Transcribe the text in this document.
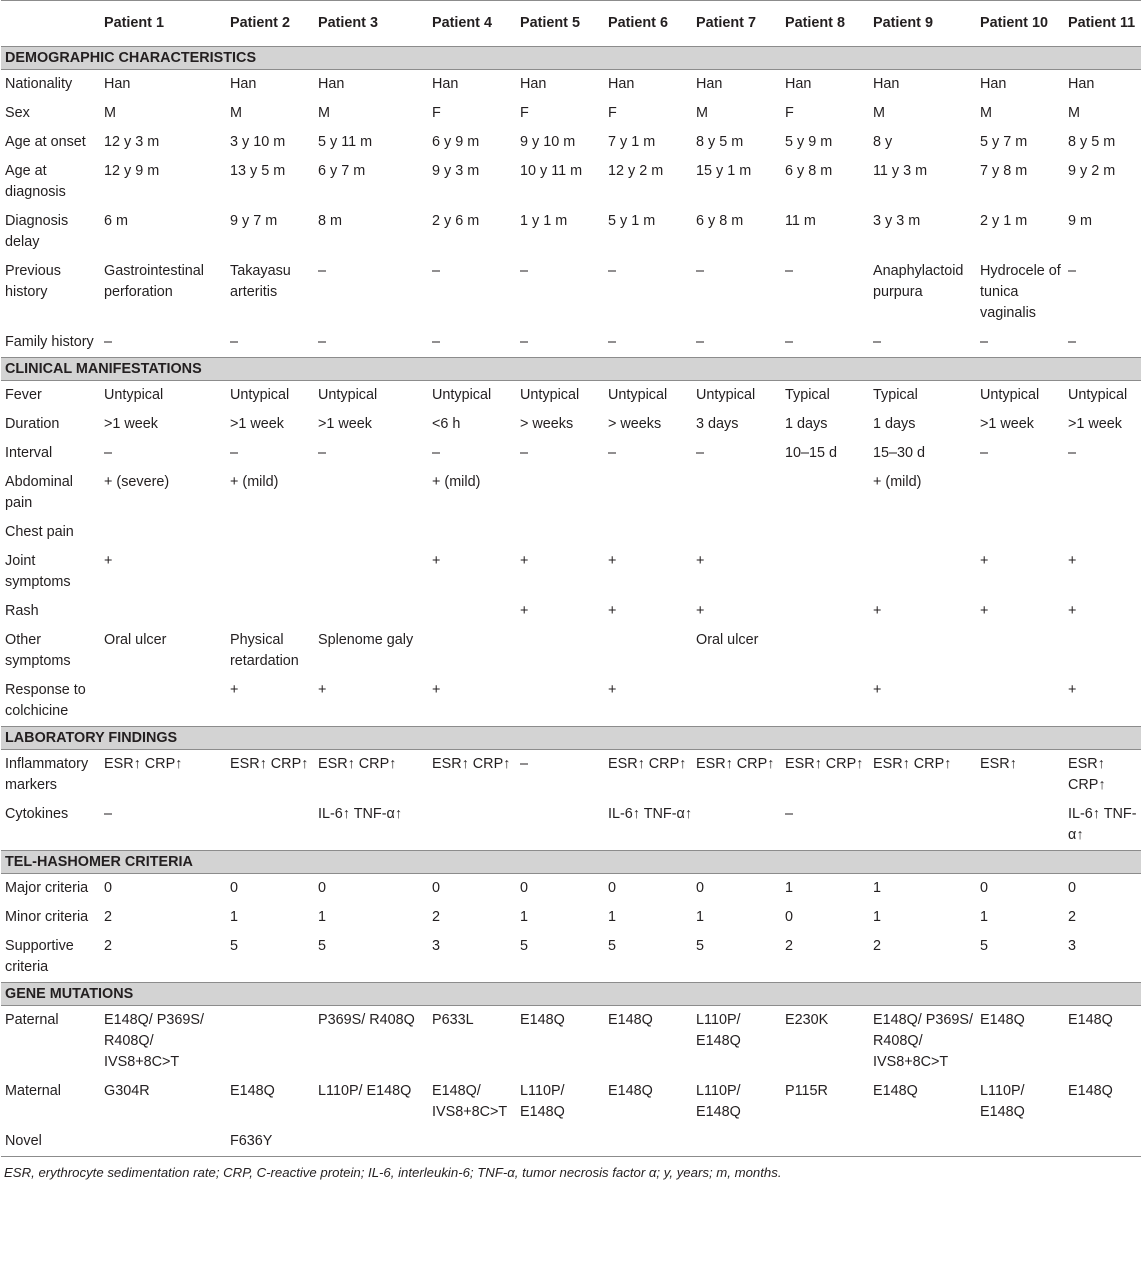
	Patient 1	Patient 2	Patient 3	Patient 4	Patient 5	Patient 6	Patient 7	Patient 8	Patient 9	Patient 10	Patient 11
DEMOGRAPHIC CHARACTERISTICS											
Nationality	Han	Han	Han	Han	Han	Han	Han	Han	Han	Han	Han
Sex	M	M	M	F	F	F	M	F	M	M	M
Age at onset	12 y 3 m	3 y 10 m	5 y 11 m	6 y 9 m	9 y 10 m	7 y 1 m	8 y 5 m	5 y 9 m	8 y	5 y 7 m	8 y 5 m
Age at diagnosis	12 y 9 m	13 y 5 m	6 y 7 m	9 y 3 m	10 y 11 m	12 y 2 m	15 y 1 m	6 y 8 m	11 y 3 m	7 y 8 m	9 y 2 m
Diagnosis delay	6 m	9 y 7 m	8 m	2 y 6 m	1 y 1 m	5 y 1 m	6 y 8 m	11 m	3 y 3 m	2 y 1 m	9 m
Previous history	Gastrointestinal perforation	Takayasu arteritis	–	–	–	–	–	–	Anaphylactoid purpura	Hydrocele of tunica vaginalis	–
Family history	–	–	–	–	–	–	–	–	–	–	–
CLINICAL MANIFESTATIONS											
Fever	Untypical	Untypical	Untypical	Untypical	Untypical	Untypical	Untypical	Typical	Typical	Untypical	Untypical
Duration	>1 week	>1 week	>1 week	<6 h	> weeks	> weeks	3 days	1 days	1 days	>1 week	>1 week
Interval	–	–	–	–	–	–	–	10–15 d	15–30 d	–	–
Abdominal pain	+ (severe)	+ (mild)		+ (mild)					+ (mild)		
Chest pain											
Joint symptoms	+			+	+	+	+			+	+
Rash					+	+	+		+	+	+
Other symptoms	Oral ulcer	Physical retardation	Splenome galy				Oral ulcer				
Response to colchicine		+	+	+		+			+		+
LABORATORY FINDINGS											
Inflammatory markers	ESR↑ CRP↑	ESR↑ CRP↑	ESR↑ CRP↑	ESR↑ CRP↑	–	ESR↑ CRP↑	ESR↑ CRP↑	ESR↑ CRP↑	ESR↑ CRP↑	ESR↑	ESR↑ CRP↑
Cytokines	–		IL-6↑ TNF-α↑			IL-6↑ TNF-α↑		–			IL-6↑ TNF-α↑
TEL-HASHOMER CRITERIA											
Major criteria	0	0	0	0	0	0	0	1	1	0	0
Minor criteria	2	1	1	2	1	1	1	0	1	1	2
Supportive criteria	2	5	5	3	5	5	5	2	2	5	3
GENE MUTATIONS											
Paternal	E148Q/ P369S/ R408Q/ IVS8+8C>T		P369S/ R408Q	P633L	E148Q	E148Q	L110P/ E148Q	E230K	E148Q/ P369S/ R408Q/ IVS8+8C>T	E148Q	E148Q
Maternal	G304R	E148Q	L110P/ E148Q	E148Q/ IVS8+8C>T	L110P/ E148Q	E148Q	L110P/ E148Q	P115R	E148Q	L110P/ E148Q	E148Q
Novel		F636Y									

ESR, erythrocyte sedimentation rate; CRP, C-reactive protein; IL-6, interleukin-6; TNF-α, tumor necrosis factor α; y, years; m, months.
